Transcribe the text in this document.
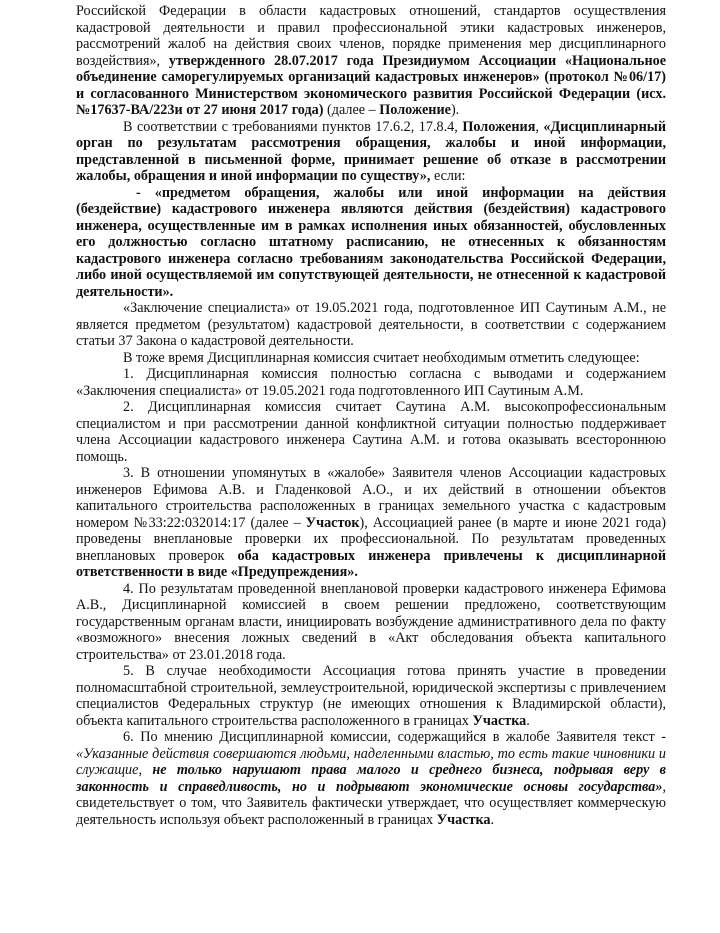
Российской Федерации в области кадастровых отношений, стандартов осуществления кадастровой деятельности и правил профессиональной этики кадастровых инженеров, рассмотрений жалоб на действия своих членов, порядке применения мер дисциплинарного воздействия», утвержденного 28.07.2017 года Президиумом Ассоциации «Национальное объединение саморегулируемых организаций кадастровых инженеров» (протокол №06/17) и согласованного Министерством экономического развития Российской Федерации (исх. №17637-ВА/223и от 27 июня 2017 года) (далее – Положение).

В соответствии с требованиями пунктов 17.6.2, 17.8.4, Положения, «Дисциплинарный орган по результатам рассмотрения обращения, жалобы и иной информации, представленной в письменной форме, принимает решение об отказе в рассмотрении жалобы, обращения и иной информации по существу», если:

- «предметом обращения, жалобы или иной информации на действия (бездействие) кадастрового инженера являются действия (бездействия) кадастрового инженера, осуществленные им в рамках исполнения иных обязанностей, обусловленных его должностью согласно штатному расписанию, не отнесенных к обязанностям кадастрового инженера согласно требованиям законодательства Российской Федерации, либо иной осуществляемой им сопутствующей деятельности, не отнесенной к кадастровой деятельности».

«Заключение специалиста» от 19.05.2021 года, подготовленное ИП Саутиным А.М., не является предметом (результатом) кадастровой деятельности, в соответствии с содержанием статьи 37 Закона о кадастровой деятельности.

В тоже время Дисциплинарная комиссия считает необходимым отметить следующее:

1. Дисциплинарная комиссия полностью согласна с выводами и содержанием «Заключения специалиста» от 19.05.2021 года подготовленного ИП Саутиным А.М.

2. Дисциплинарная комиссия считает Саутина А.М. высокопрофессиональным специалистом и при рассмотрении данной конфликтной ситуации полностью поддерживает члена Ассоциации кадастрового инженера Саутина А.М. и готова оказывать всестороннюю помощь.

3. В отношении упомянутых в «жалобе» Заявителя членов Ассоциации кадастровых инженеров Ефимова А.В. и Гладенковой А.О., и их действий в отношении объектов капитального строительства расположенных в границах земельного участка с кадастровым номером №33:22:032014:17 (далее – Участок), Ассоциацией ранее (в марте и июне 2021 года) проведены внеплановые проверки их профессиональной. По результатам проведенных внеплановых проверок оба кадастровых инженера привлечены к дисциплинарной ответственности в виде «Предупреждения».

4. По результатам проведенной внеплановой проверки кадастрового инженера Ефимова А.В., Дисциплинарной комиссией в своем решении предложено, соответствующим государственным органам власти, инициировать возбуждение административного дела по факту «возможного» внесения ложных сведений в «Акт обследования объекта капитального строительства» от 23.01.2018 года.

5. В случае необходимости Ассоциация готова принять участие в проведении полномасштабной строительной, землеустроительной, юридической экспертизы с привлечением специалистов Федеральных структур (не имеющих отношения к Владимирской области), объекта капитального строительства расположенного в границах Участка.

6. По мнению Дисциплинарной комиссии, содержащийся в жалобе Заявителя текст - «Указанные действия совершаются людьми, наделенными властью, то есть такие чиновники и служащие, не только нарушают права малого и среднего бизнеса, подрывая веру в законность и справедливость, но и подрывают экономические основы государства», свидетельствует о том, что Заявитель фактически утверждает, что осуществляет коммерческую деятельность используя объект расположенный в границах Участка.
